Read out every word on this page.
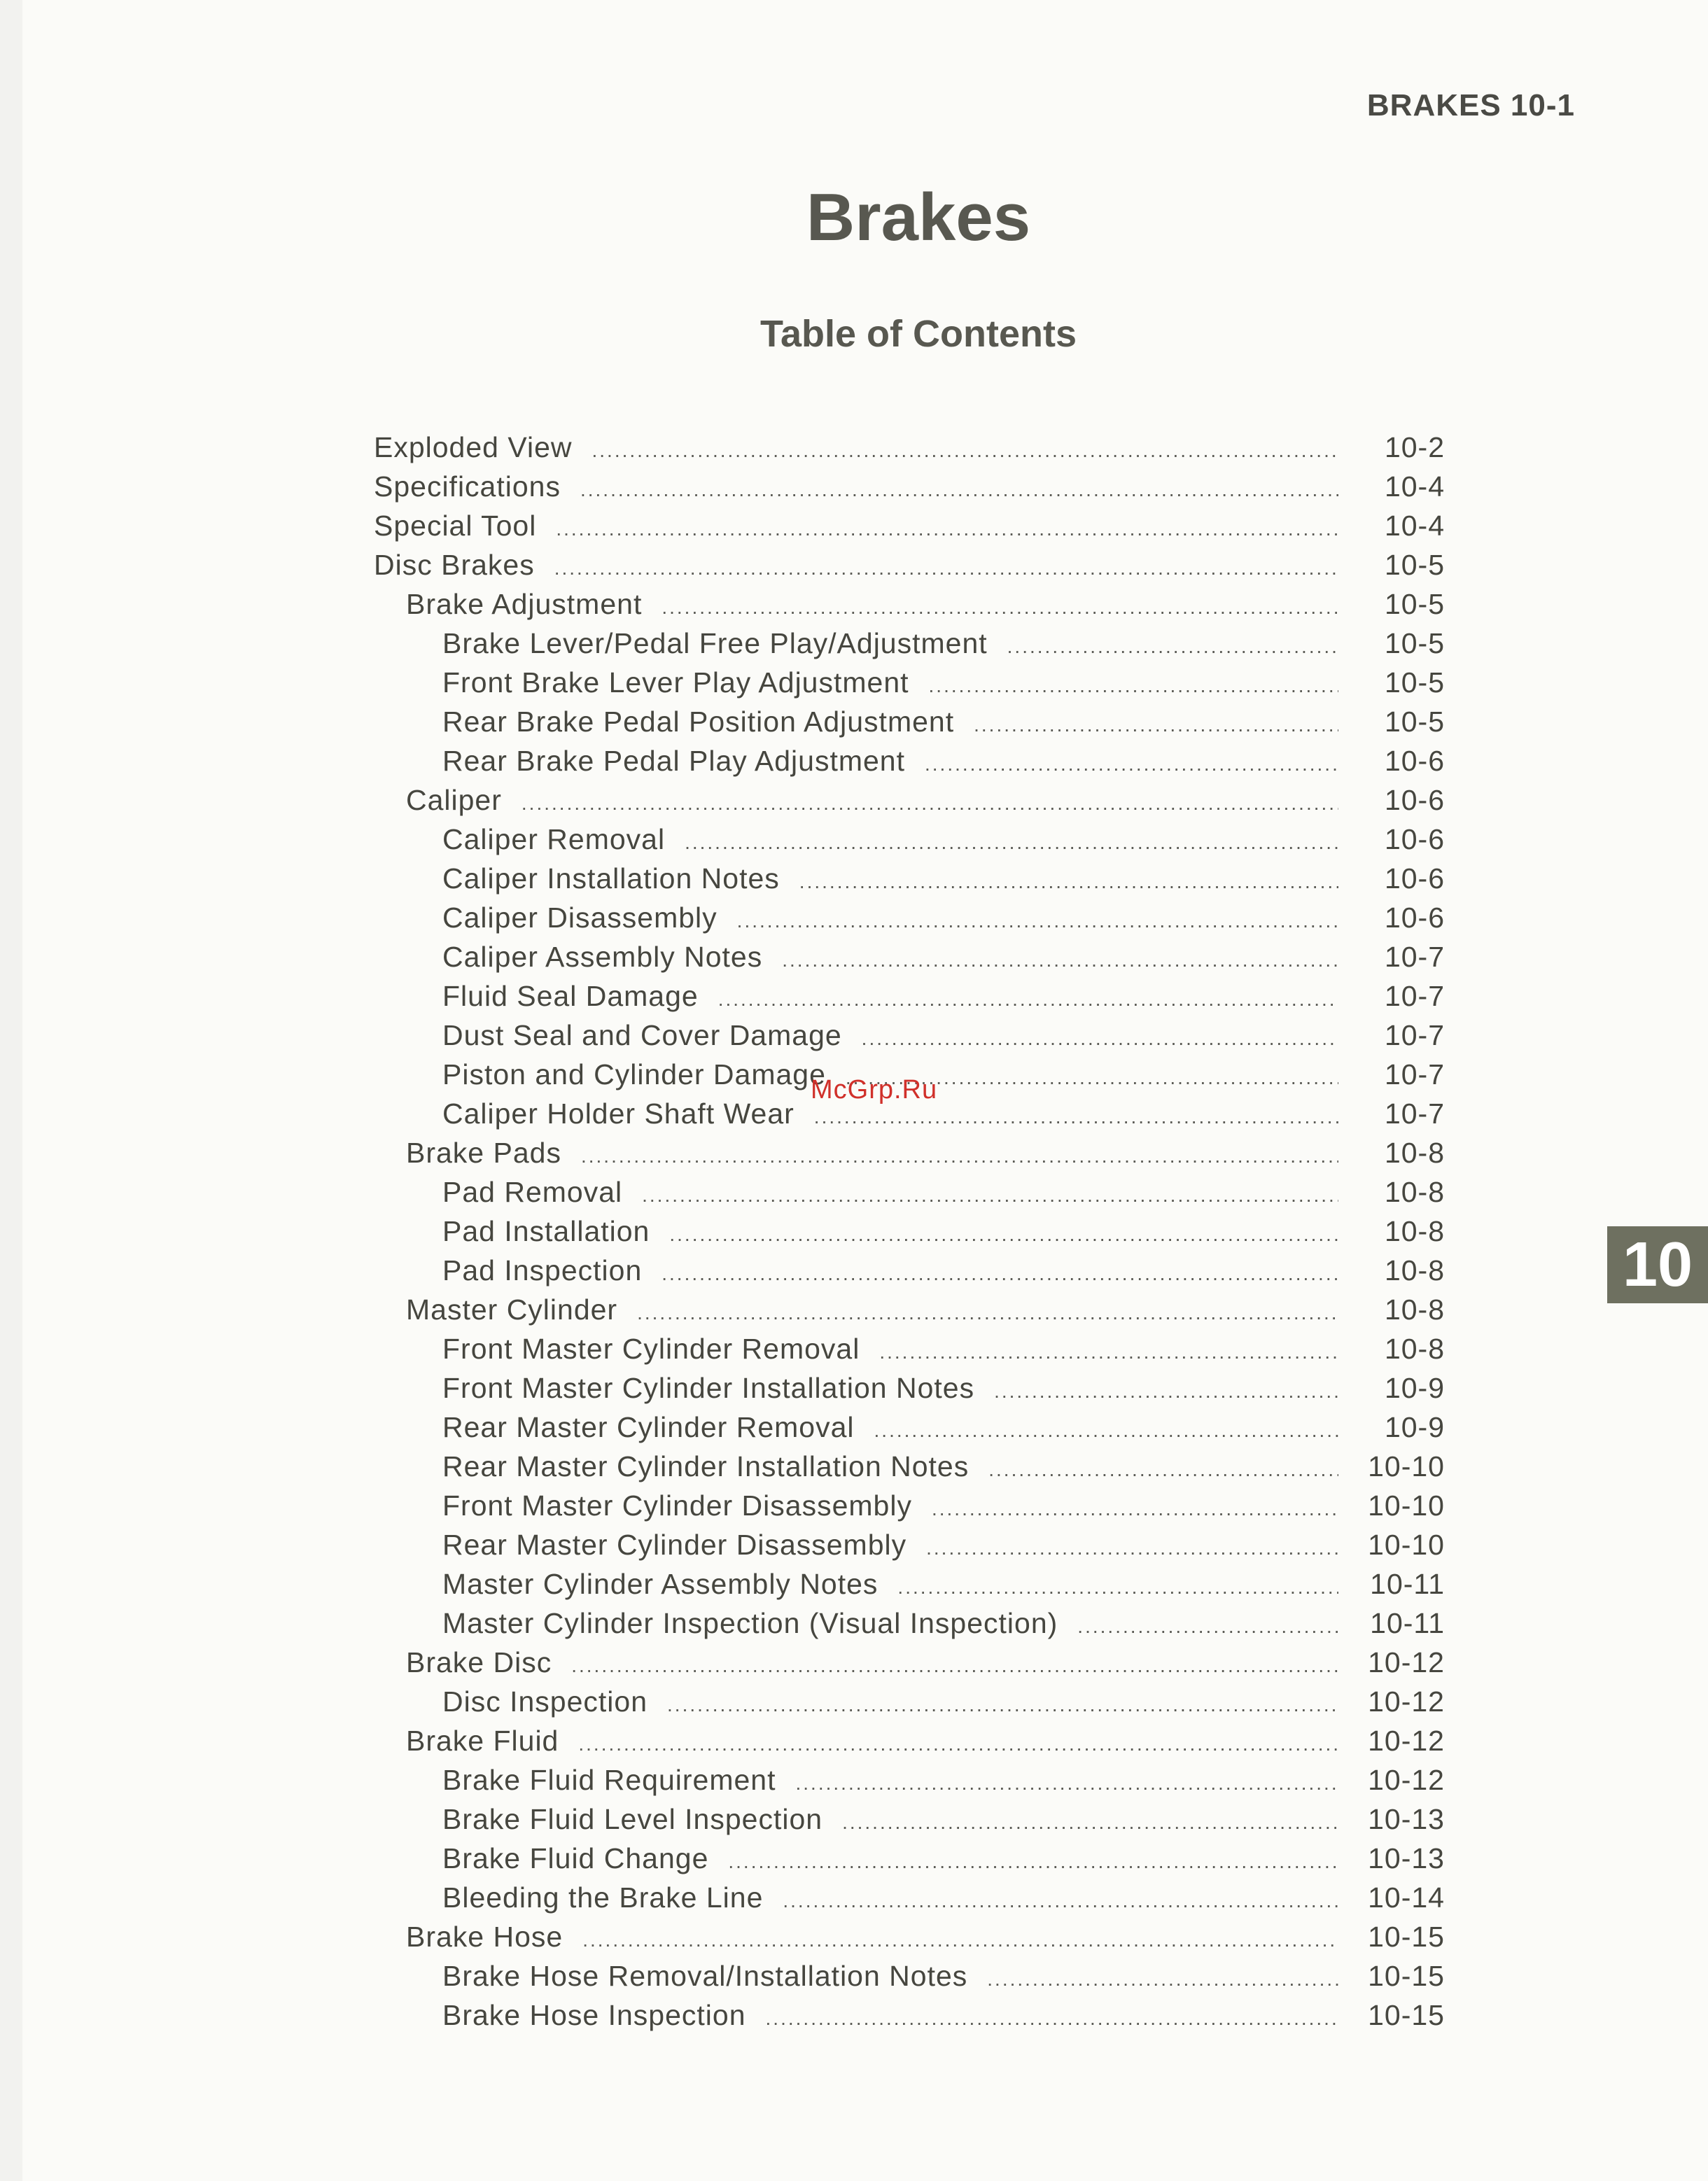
BRAKES 10-1
Brakes
Table of Contents
Exploded View .....	10-2
Specifications .....	10-4
Special Tool .....	10-4
Disc Brakes .....	10-5
Brake Adjustment .....	10-5
Brake Lever/Pedal Free Play/Adjustment .....	10-5
Front Brake Lever Play Adjustment .....	10-5
Rear Brake Pedal Position Adjustment .....	10-5
Rear Brake Pedal Play Adjustment .....	10-6
Caliper .....	10-6
Caliper Removal .....	10-6
Caliper Installation Notes .....	10-6
Caliper Disassembly .....	10-6
Caliper Assembly Notes .....	10-7
Fluid Seal Damage .....	10-7
Dust Seal and Cover Damage .....	10-7
Piston and Cylinder Damage .....	10-7
Caliper Holder Shaft Wear .....	10-7
Brake Pads .....	10-8
Pad Removal .....	10-8
Pad Installation .....	10-8
Pad Inspection .....	10-8
Master Cylinder .....	10-8
Front Master Cylinder Removal .....	10-8
Front Master Cylinder Installation Notes .....	10-9
Rear Master Cylinder Removal .....	10-9
Rear Master Cylinder Installation Notes .....	10-10
Front Master Cylinder Disassembly .....	10-10
Rear Master Cylinder Disassembly .....	10-10
Master Cylinder Assembly Notes .....	10-11
Master Cylinder Inspection (Visual Inspection) .....	10-11
Brake Disc .....	10-12
Disc Inspection .....	10-12
Brake Fluid .....	10-12
Brake Fluid Requirement .....	10-12
Brake Fluid Level Inspection .....	10-13
Brake Fluid Change .....	10-13
Bleeding the Brake Line .....	10-14
Brake Hose .....	10-15
Brake Hose Removal/Installation Notes .....	10-15
Brake Hose Inspection .....	10-15
10
McGrp.Ru
